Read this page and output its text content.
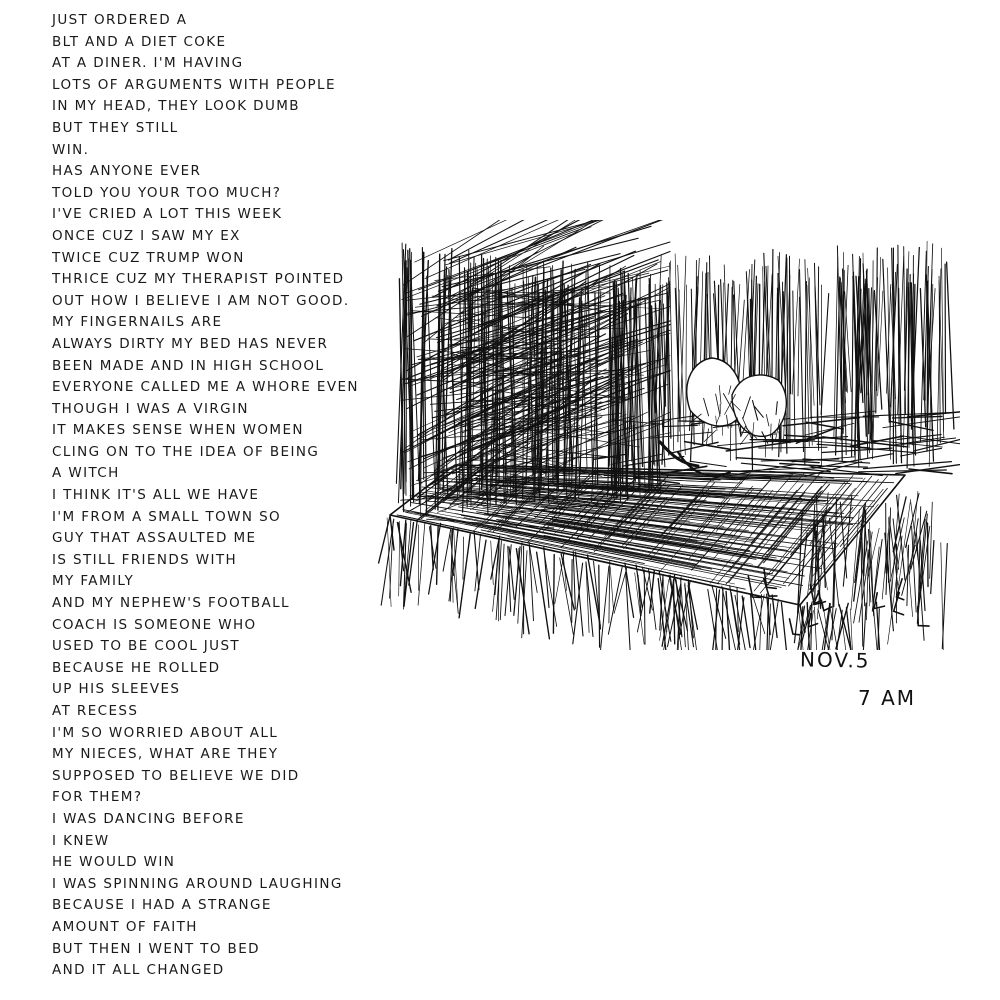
JUST ORDERED A
BLT AND A DIET COKE
AT A DINER. I'M HAVING
LOTS OF ARGUMENTS WITH PEOPLE
IN MY HEAD, THEY LOOK DUMB
BUT THEY STILL
WIN.
HAS ANYONE EVER
TOLD YOU YOUR TOO MUCH?
I'VE CRIED A LOT THIS WEEK
ONCE CUZ I SAW MY EX
TWICE CUZ TRUMP WON
THRICE CUZ MY THERAPIST POINTED
OUT HOW I BELIEVE I AM NOT GOOD.
MY FINGERNAILS ARE
ALWAYS DIRTY MY BED HAS NEVER
BEEN MADE AND IN HIGH SCHOOL
EVERYONE CALLED ME A WHORE EVEN
THOUGH I WAS A VIRGIN
IT MAKES SENSE WHEN WOMEN
CLING ON TO THE IDEA OF BEING
A WITCH
I THINK IT'S ALL WE HAVE
I'M FROM A SMALL TOWN SO
GUY THAT ASSAULTED ME
IS STILL FRIENDS WITH
MY FAMILY
AND MY NEPHEW'S FOOTBALL
COACH IS SOMEONE WHO
USED TO BE COOL JUST
BECAUSE HE ROLLED
UP HIS SLEEVES
AT RECESS
I'M SO WORRIED ABOUT ALL
MY NIECES, WHAT ARE THEY
SUPPOSED TO BELIEVE WE DID
FOR THEM?
I WAS DANCING BEFORE
I KNEW
HE WOULD WIN
I WAS SPINNING AROUND LAUGHING
BECAUSE I HAD A STRANGE
AMOUNT OF FAITH
BUT THEN I WENT TO BED
AND IT ALL CHANGED
NOV.5
7 AM
